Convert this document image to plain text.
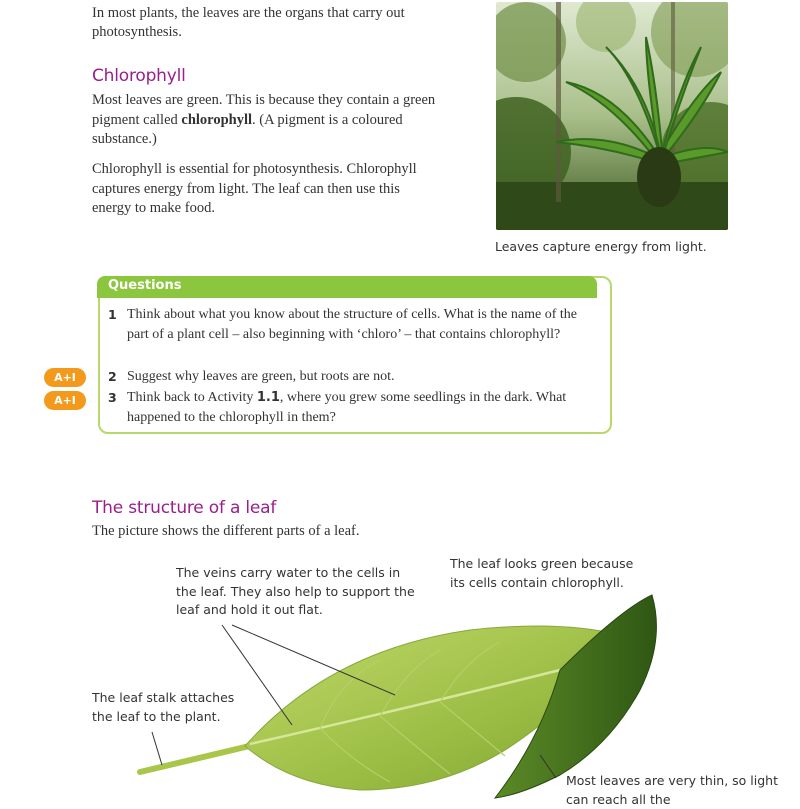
In most plants, the leaves are the organs that carry out photosynthesis.
Chlorophyll
Most leaves are green. This is because they contain a green pigment called chlorophyll. (A pigment is a coloured substance.)
Chlorophyll is essential for photosynthesis. Chlorophyll captures energy from light. The leaf can then use this energy to make food.
Leaves capture energy from light.
Questions
1 Think about what you know about the structure of cells. What is the name of the part of a plant cell – also beginning with ‘chloro’ – that contains chlorophyll?
A+I	2 Suggest why leaves are green, but roots are not.
A+I	3 Think back to Activity 1.1, where you grew some seedlings in the dark. What happened to the chlorophyll in them?
The structure of a leaf
The picture shows the different parts of a leaf.
The veins carry water to the cells in the leaf. They also help to support the leaf and hold it out flat.
The leaf looks green because its cells contain chlorophyll.
The leaf stalk attaches the leaf to the plant.
Most leaves are very thin, so light can reach all the
